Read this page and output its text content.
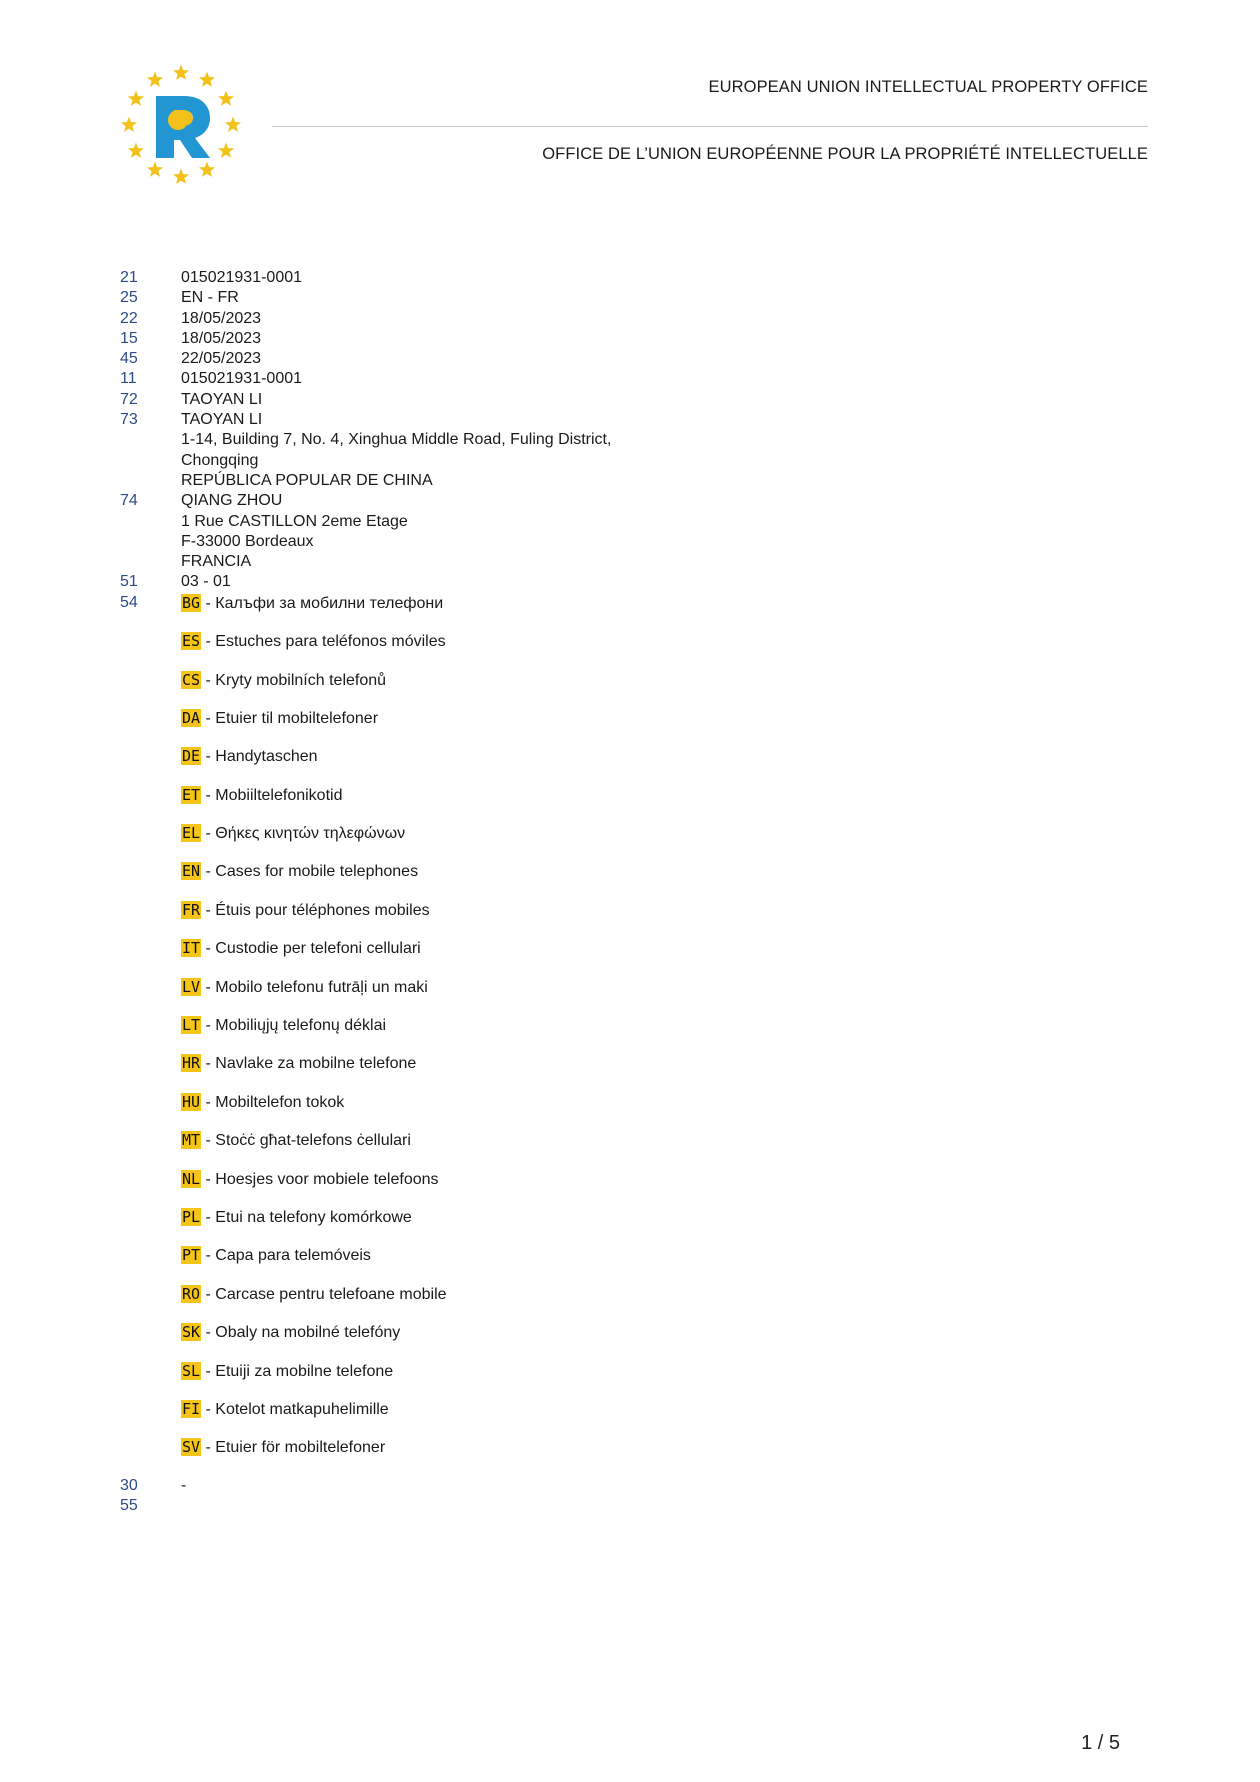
EUROPEAN UNION INTELLECTUAL PROPERTY OFFICE
OFFICE DE L’UNION EUROPÉENNE POUR LA PROPRIÉTÉ INTELLECTUELLE
21	015021931-0001
25	EN - FR
22	18/05/2023
15	18/05/2023
45	22/05/2023
11	015021931-0001
72	TAOYAN LI
73	TAOYAN LI
1-14, Building 7, No. 4, Xinghua Middle Road, Fuling District,
Chongqing
REPÚBLICA POPULAR DE CHINA
74	QIANG ZHOU
1 Rue CASTILLON 2eme Etage
F-33000 Bordeaux
FRANCIA
51	03 - 01
54	BG - Калъфи за мобилни телефони
ES - Estuches para teléfonos móviles
CS - Kryty mobilních telefonů
DA - Etuier til mobiltelefoner
DE - Handytaschen
ET - Mobiiltelefonikotid
EL - Θήκες κινητών τηλεφώνων
EN - Cases for mobile telephones
FR - Étuis pour téléphones mobiles
IT - Custodie per telefoni cellulari
LV - Mobilo telefonu futrāļi un maki
LT - Mobiliųjų telefonų déklai
HR - Navlake za mobilne telefone
HU - Mobiltelefon tokok
MT - Stoċċ għat-telefons ċellulari
NL - Hoesjes voor mobiele telefoons
PL - Etui na telefony komórkowe
PT - Capa para telemóveis
RO - Carcase pentru telefoane mobile
SK - Obaly na mobilné telefóny
SL - Etuiji za mobilne telefone
FI - Kotelot matkapuhelimille
SV - Etuier för mobiltelefoner
30	-
55
1 / 5
